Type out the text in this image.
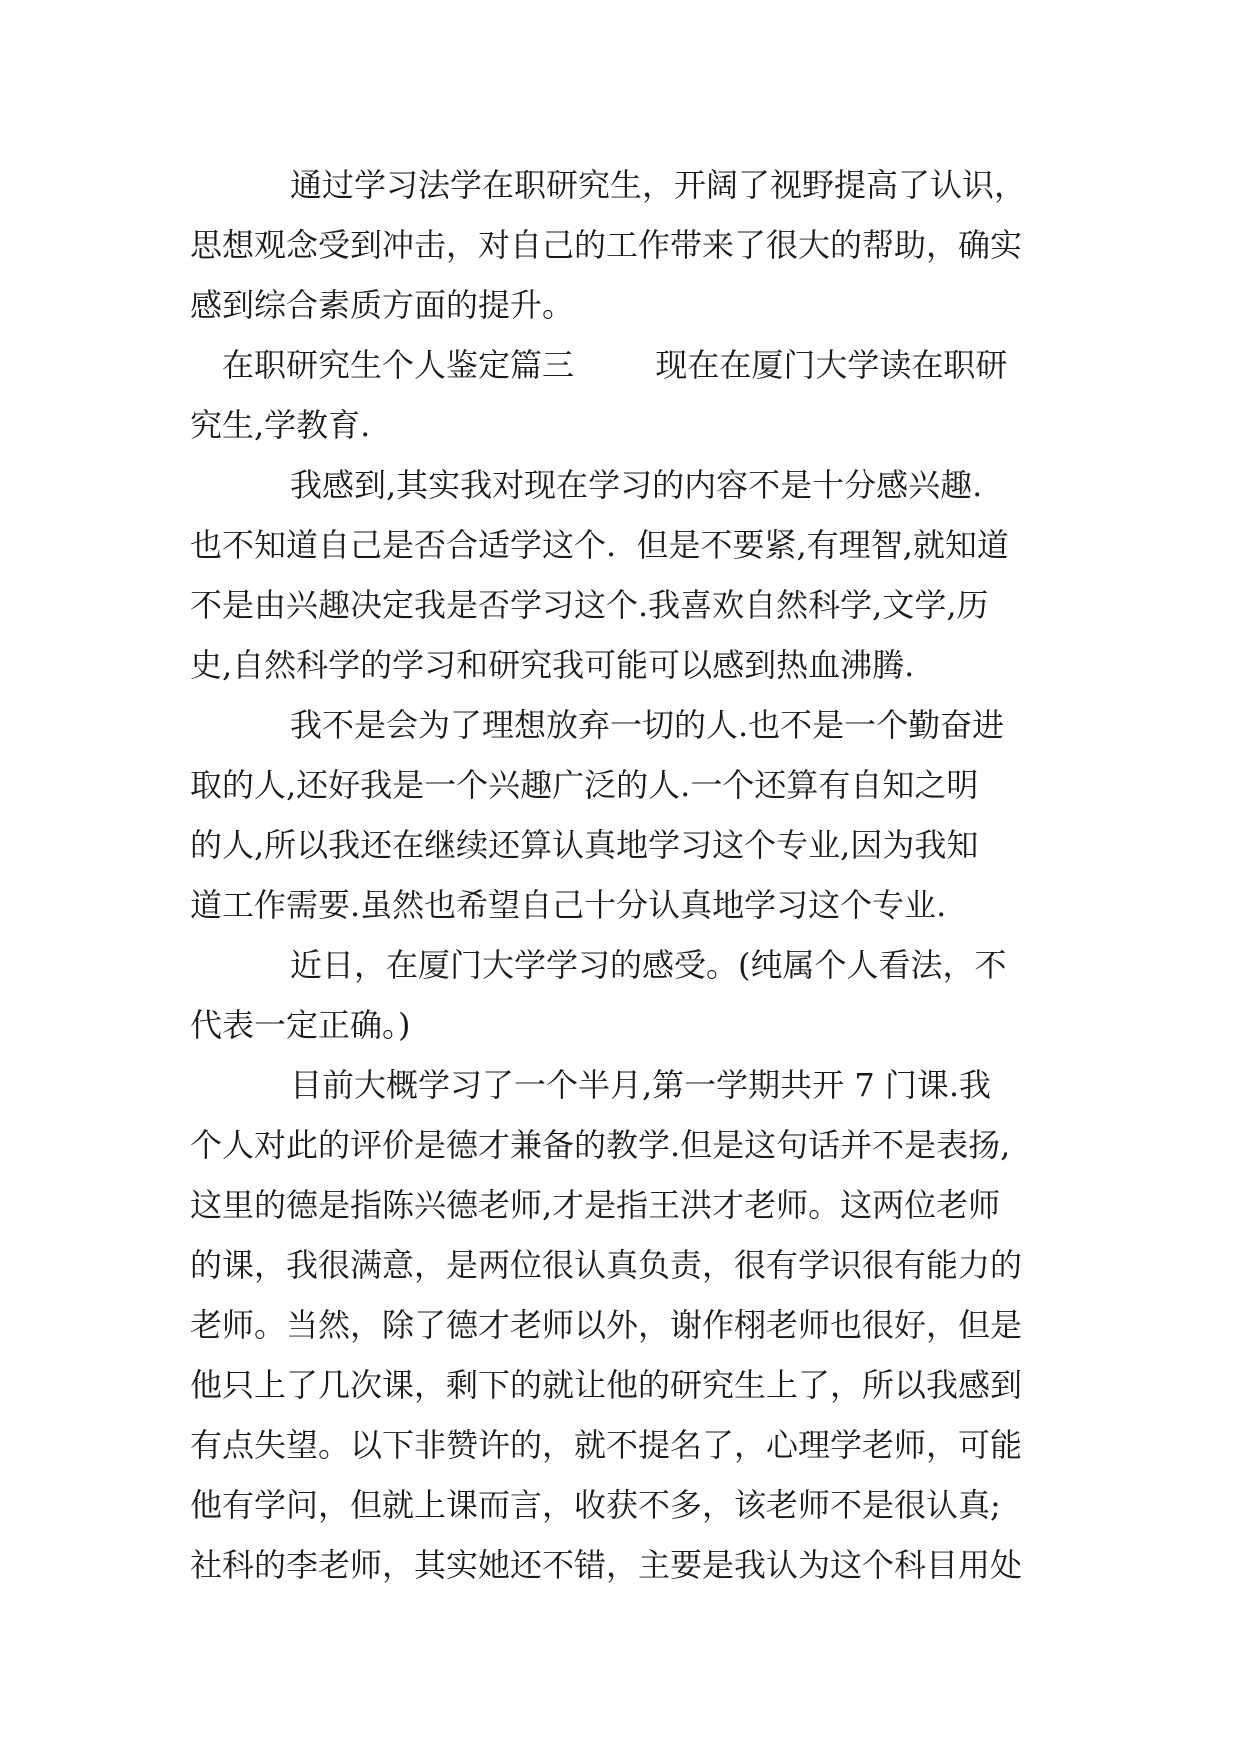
通过学习法学在职研究生，开阔了视野提高了认识，
思想观念受到冲击，对自己的工作带来了很大的帮助，确实
感到综合素质方面的提升。
在职研究生个人鉴定篇三        现在在厦门大学读在职研
究生,学教育.
我感到,其实我对现在学习的内容不是十分感兴趣.
也不知道自己是否合适学这个.  但是不要紧,有理智,就知道
不是由兴趣决定我是否学习这个.我喜欢自然科学,文学,历
史,自然科学的学习和研究我可能可以感到热血沸腾.
我不是会为了理想放弃一切的人.也不是一个勤奋进
取的人,还好我是一个兴趣广泛的人.一个还算有自知之明
的人,所以我还在继续还算认真地学习这个专业,因为我知
道工作需要.虽然也希望自己十分认真地学习这个专业.
近日，在厦门大学学习的感受。(纯属个人看法，不
代表一定正确。)
目前大概学习了一个半月,第一学期共开 7 门课.我
个人对此的评价是德才兼备的教学.但是这句话并不是表扬,
这里的德是指陈兴德老师,才是指王洪才老师。这两位老师
的课，我很满意，是两位很认真负责，很有学识很有能力的
老师。当然，除了德才老师以外，谢作栩老师也很好，但是
他只上了几次课，剩下的就让他的研究生上了，所以我感到
有点失望。以下非赞许的，就不提名了，心理学老师，可能
他有学问，但就上课而言，收获不多，该老师不是很认真;
社科的李老师，其实她还不错，主要是我认为这个科目用处
